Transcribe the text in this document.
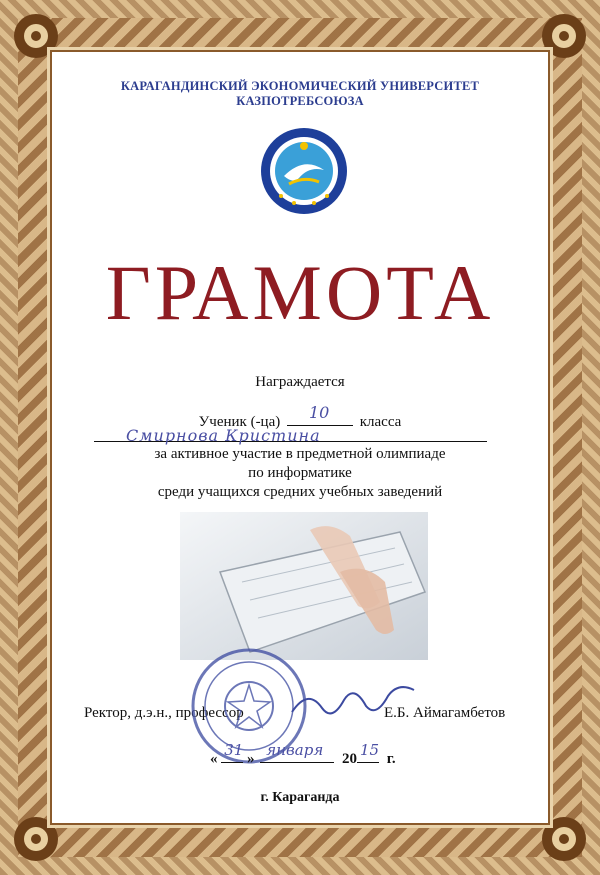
КАРАГАНДИНСКИЙ ЭКОНОМИЧЕСКИЙ УНИВЕРСИТЕТ
КАЗПОТРЕБСОЮЗА
ГРАМОТА
Награждается
Ученик (-ца) 10 класса
Смирнова Кристина
за активное участие в предметной олимпиаде
по информатике
среди учащихся средних учебных заведений
Ректор, д.э.н., профессор	Е.Б. Аймагамбетов
« 31 » января 20 15 г.
г. Караганда
